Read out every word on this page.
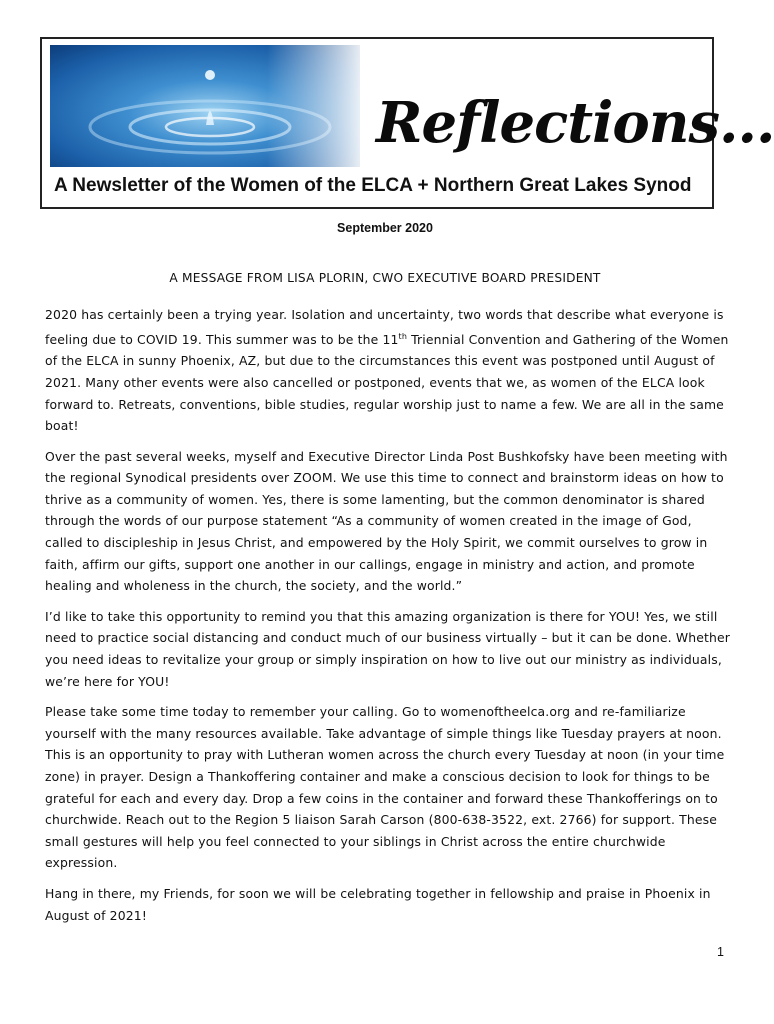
Reflections...
A Newsletter of the Women of the ELCA + Northern Great Lakes Synod
September 2020
A MESSAGE FROM LISA PLORIN, CWO EXECUTIVE BOARD PRESIDENT

2020 has certainly been a trying year. Isolation and uncertainty, two words that describe what everyone is feeling due to COVID 19. This summer was to be the 11th Triennial Convention and Gathering of the Women of the ELCA in sunny Phoenix, AZ, but due to the circumstances this event was postponed until August of 2021. Many other events were also cancelled or postponed, events that we, as women of the ELCA look forward to. Retreats, conventions, bible studies, regular worship just to name a few. We are all in the same boat!

Over the past several weeks, myself and Executive Director Linda Post Bushkofsky have been meeting with the regional Synodical presidents over ZOOM. We use this time to connect and brainstorm ideas on how to thrive as a community of women. Yes, there is some lamenting, but the common denominator is shared through the words of our purpose statement “As a community of women created in the image of God, called to discipleship in Jesus Christ, and empowered by the Holy Spirit, we commit ourselves to grow in faith, affirm our gifts, support one another in our callings, engage in ministry and action, and promote healing and wholeness in the church, the society, and the world.”

I’d like to take this opportunity to remind you that this amazing organization is there for YOU! Yes, we still need to practice social distancing and conduct much of our business virtually – but it can be done. Whether you need ideas to revitalize your group or simply inspiration on how to live out our ministry as individuals, we’re here for YOU!

Please take some time today to remember your calling. Go to womenoftheelca.org and re-familiarize yourself with the many resources available. Take advantage of simple things like Tuesday prayers at noon. This is an opportunity to pray with Lutheran women across the church every Tuesday at noon (in your time zone) in prayer. Design a Thankoffering container and make a conscious decision to look for things to be grateful for each and every day. Drop a few coins in the container and forward these Thankofferings on to churchwide. Reach out to the Region 5 liaison Sarah Carson (800-638-3522, ext. 2766) for support. These small gestures will help you feel connected to your siblings in Christ across the entire churchwide expression.

Hang in there, my Friends, for soon we will be celebrating together in fellowship and praise in Phoenix in August of 2021!

1
